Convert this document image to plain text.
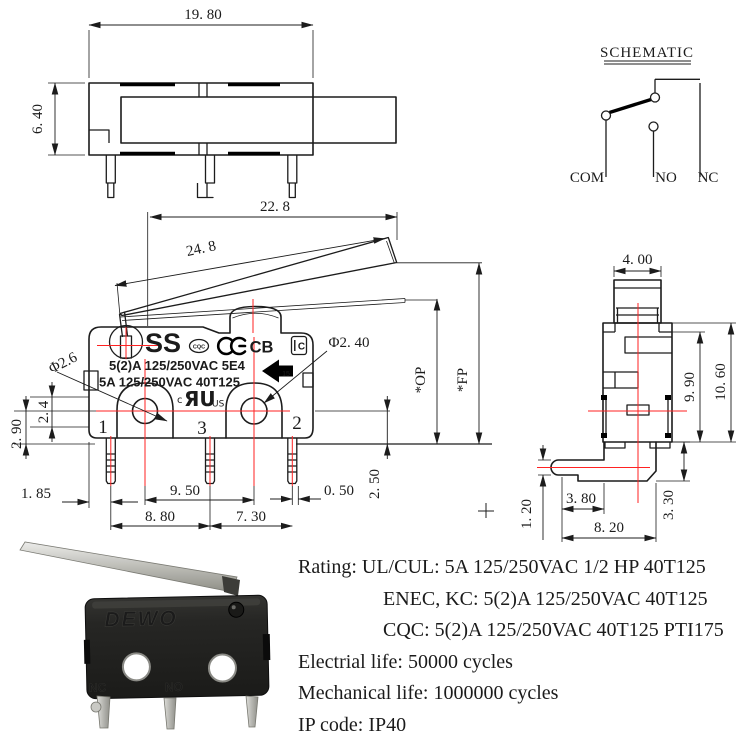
19. 80
6. 40
SCHEMATIC
COM	NO NC
SS CQC	CB C
5(2)A 125/250VAC 5E4
5A 125/250VAC 40T125	15
c ЯU
US
1	3	2
Φ2.6
Φ2. 40
22. 8
24. 8
*OP *FP
2. 50
2. 4
2. 90
1. 85	9. 50	0. 50
8. 80	7. 30
4. 00
9. 90 10. 60
3. 80
8. 20
3. 30
1. 20
DEWO
NC	NO
Rating: UL/CUL: 5A 125/250VAC 1/2 HP 40T125
ENEC, KC: 5(2)A 125/250VAC 40T125
CQC: 5(2)A 125/250VAC 40T125 PTI175
Electrial life: 50000 cycles
Mechanical life: 1000000 cycles
IP code: IP40
